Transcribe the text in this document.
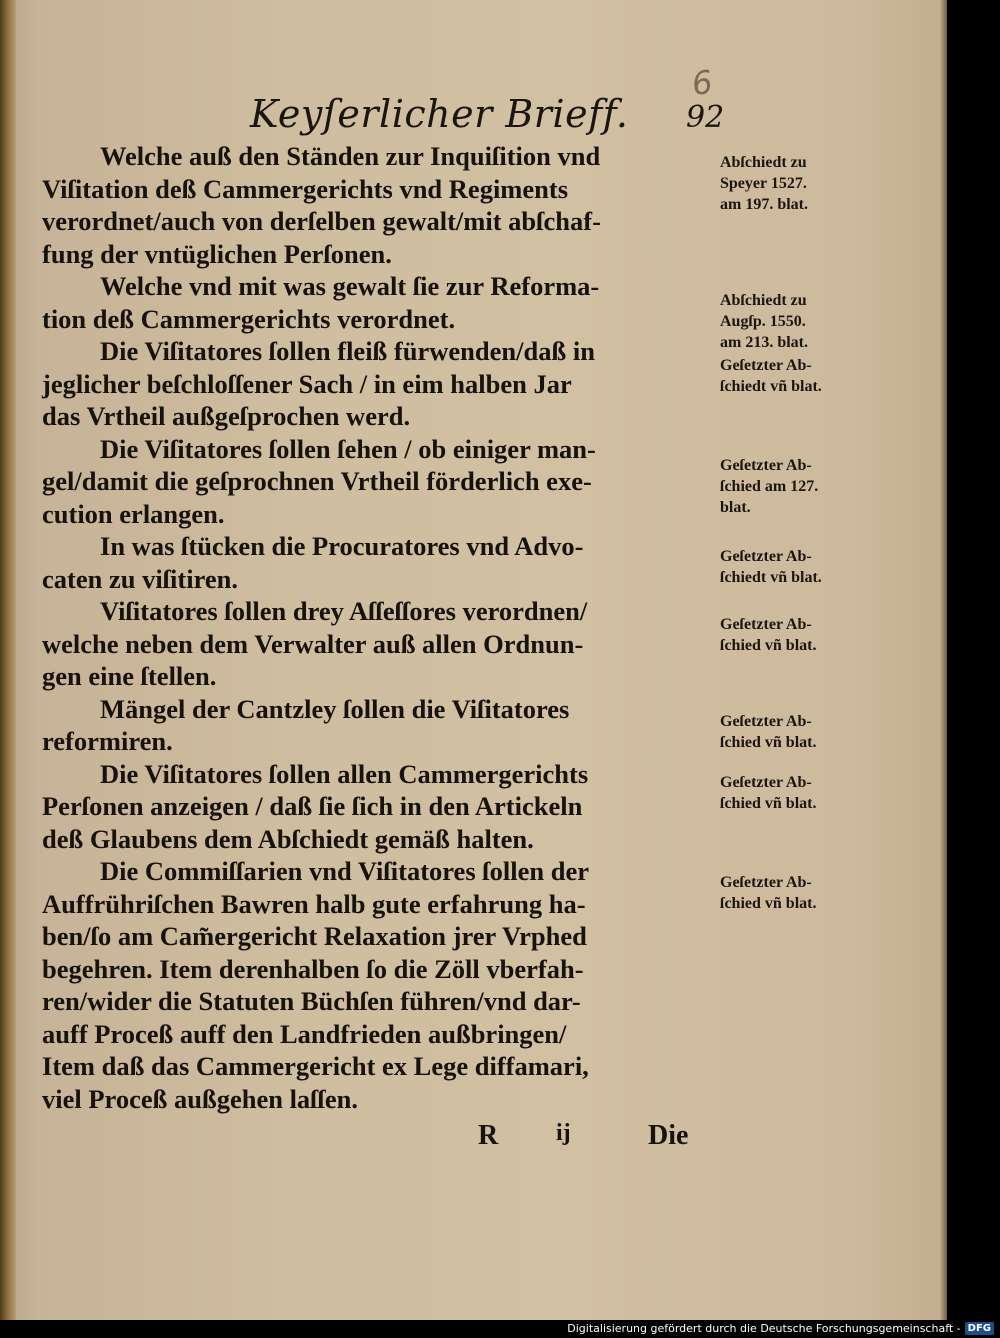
Keyſerlicher Brieff.
6
92
Welche auß den Ständen zur Inquiſition vnd
Viſitation deß Cammergerichts vnd Regiments
verordnet/auch von derſelben gewalt/mit abſchaf-
fung der vntüglichen Perſonen.
Welche vnd mit was gewalt ſie zur Reforma-
tion deß Cammergerichts verordnet.
Die Viſitatores ſollen fleiß fürwenden/daß in
jeglicher beſchloſſener Sach / in eim halben Jar
das Vrtheil außgeſprochen werd.
Die Viſitatores ſollen ſehen / ob einiger man-
gel/damit die geſprochnen Vrtheil förderlich exe-
cution erlangen.
In was ſtücken die Procuratores vnd Advo-
caten zu viſitiren.
Viſitatores ſollen drey Aſſeſſores verordnen/
welche neben dem Verwalter auß allen Ordnun-
gen eine ſtellen.
Mängel der Cantzley ſollen die Viſitatores
reformiren.
Die Viſitatores ſollen allen Cammergerichts
Perſonen anzeigen / daß ſie ſich in den Artickeln
deß Glaubens dem Abſchiedt gemäß halten.
Die Commiſſarien vnd Viſitatores ſollen der
Auffrühriſchen Bawren halb gute erfahrung ha-
ben/ſo am Cam̃ergericht Relaxation jrer Vrphed
begehren. Item derenhalben ſo die Zöll vberfah-
ren/wider die Statuten Büchſen führen/vnd dar-
auff Proceß auff den Landfrieden außbringen/
Item daß das Cammergericht ex Lege diffamari,
viel Proceß außgehen laſſen.
Abſchiedt zu
Speyer 1527.
am 197. blat.
Abſchiedt zu
Augſp. 1550.
am 213. blat.
Geſetzter Ab-
ſchiedt vñ blat.
Geſetzter Ab-
ſchied am 127.
blat.
Geſetzter Ab-
ſchiedt vñ blat.
Geſetzter Ab-
ſchied vñ blat.
Geſetzter Ab-
ſchied vñ blat.
Geſetzter Ab-
ſchied vñ blat.
Geſetzter Ab-
ſchied vñ blat.
R ij	Die
Digitalisierung gefördert durch die Deutsche Forschungsgemeinschaft - DFG
